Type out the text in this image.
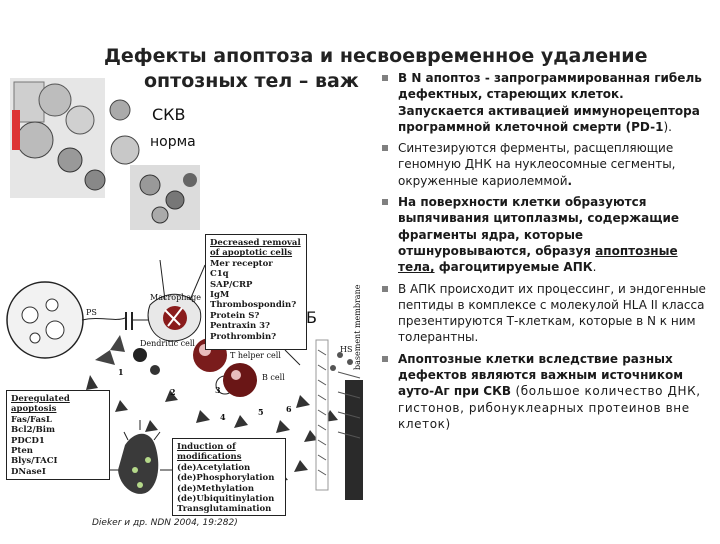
Дефекты апоптоза и несвоевременное удаление
оптозных тел – важ
Macrophage
Dendritic cell
T helper cell
B cell
HS
PS
1
2	3
4	5	6
basement membrane
Decreased removal of apoptotic cells
Mer receptor
C1q
SAP/CRP
IgM
Thrombospondin?
Protein S?
Pentraxin 3?
Prothrombin?
Deregulated apoptosis
Fas/FasL
Bcl2/Bim
PDCD1
Pten
Blys/TACI
DNaseI
Induction of modifications
(de)Acetylation
(de)Phosphorylation
(de)Methylation
(de)Ubiquitinylation
Transglutamination
СКВ
норма
Б
Dieker и др. NDN 2004, 19:282)
В N апоптоз - запрограммированная гибель дефектных, стареющих клеток. Запускается активацией иммунорецептора программной клеточной смерти (PD-1).
Синтезируются ферменты, расщепляющие геномную ДНК на нуклеосомные сегменты, окруженные кариолеммой.
На поверхности клетки образуются выпячивания цитоплазмы, содержащие фрагменты ядра, которые отшнуровываются, образуя апоптозные тела, фагоцитируемые АПК.
В АПК происходит их процессинг, и эндогенные пептиды в комплексе с молекулой HLA II класса презентируются Т-клеткам, которые в N к ним толерантны.
Апоптозные клетки вследствие разных дефектов являются важным источником ауто-Аг при СКВ (большое количество ДНК, гистонов, рибонуклеарных протеинов вне клеток)
